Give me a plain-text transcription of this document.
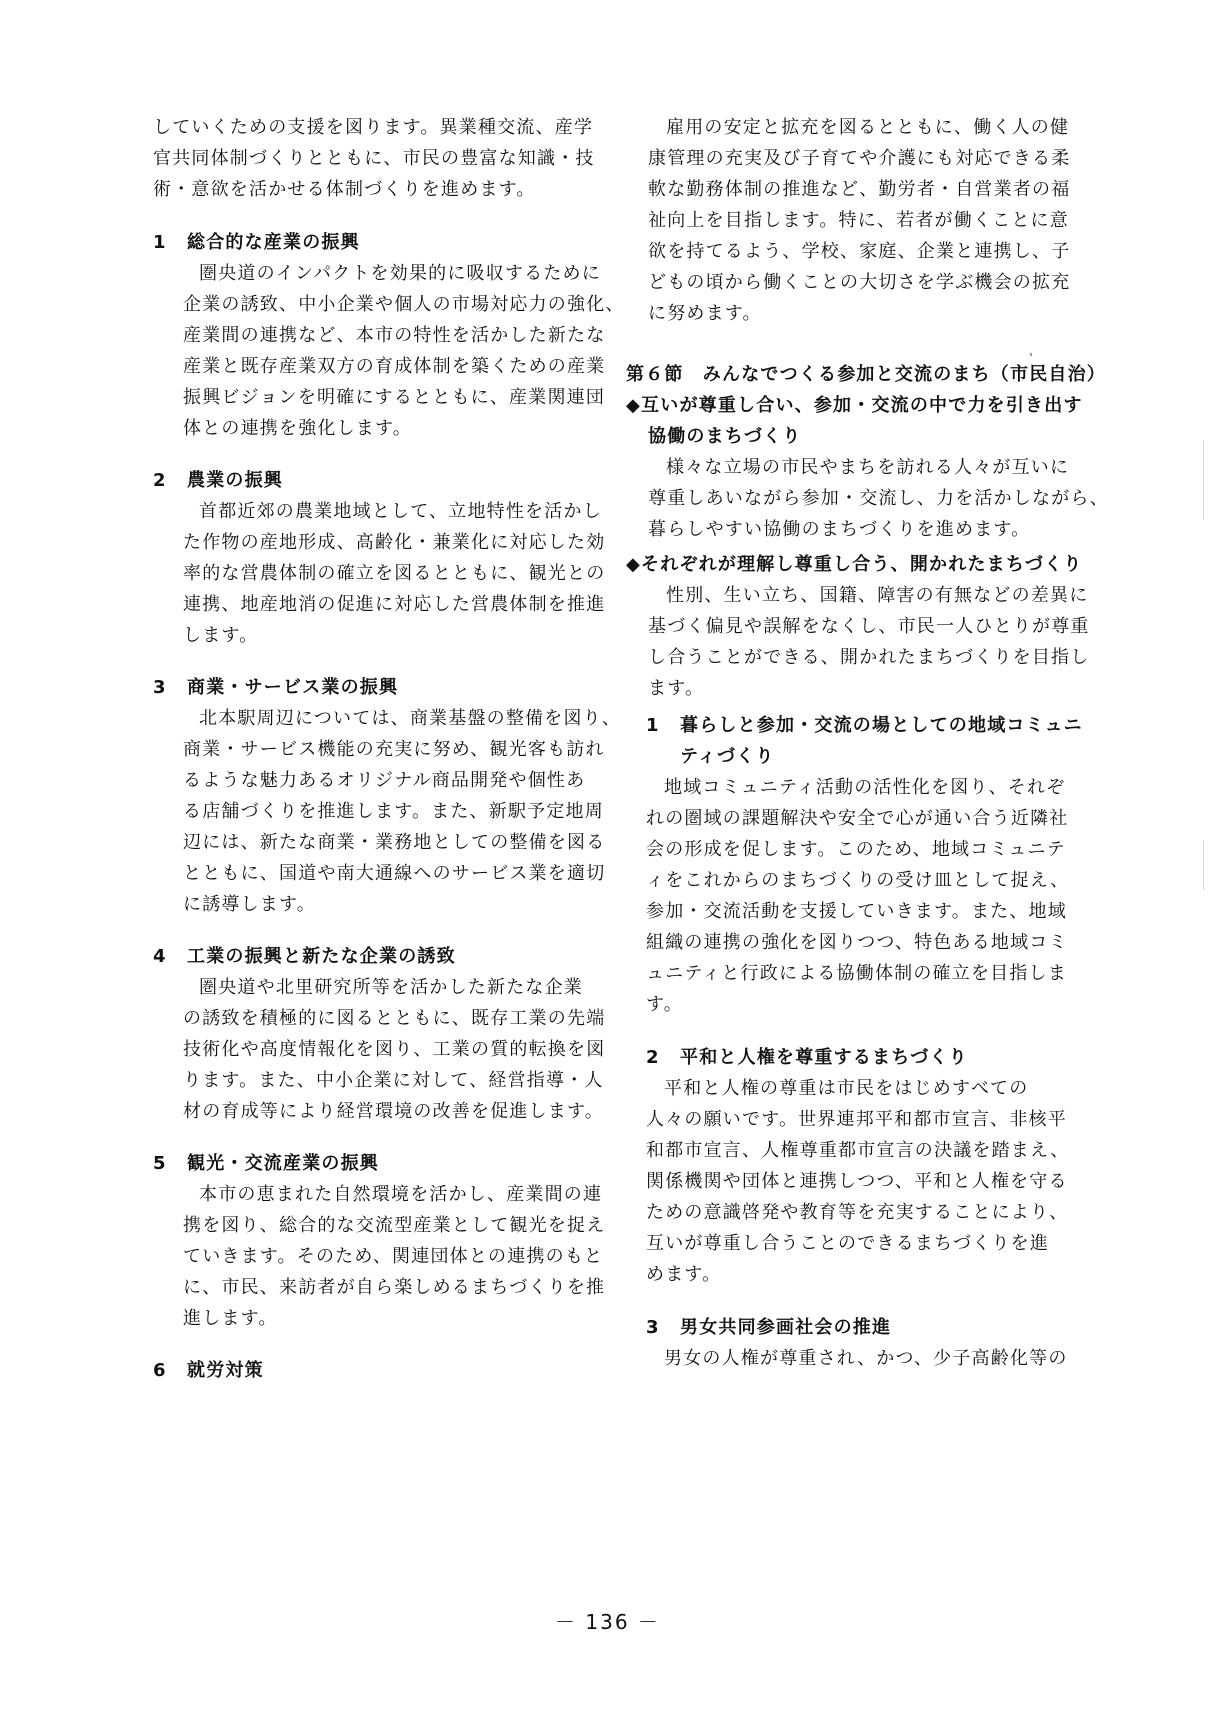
していくための支援を図ります。異業種交流、産学
官共同体制づくりとともに、市民の豊富な知識・技
術・意欲を活かせる体制づくりを進めます。
1 総合的な産業の振興
圏央道のインパクトを効果的に吸収するために
企業の誘致、中小企業や個人の市場対応力の強化、
産業間の連携など、本市の特性を活かした新たな
産業と既存産業双方の育成体制を築くための産業
振興ビジョンを明確にするとともに、産業関連団
体との連携を強化します。
2 農業の振興
首都近郊の農業地域として、立地特性を活かし
た作物の産地形成、高齢化・兼業化に対応した効
率的な営農体制の確立を図るとともに、観光との
連携、地産地消の促進に対応した営農体制を推進
します。
3 商業・サービス業の振興
北本駅周辺については、商業基盤の整備を図り、
商業・サービス機能の充実に努め、観光客も訪れ
るような魅力あるオリジナル商品開発や個性あ
る店舗づくりを推進します。また、新駅予定地周
辺には、新たな商業・業務地としての整備を図る
とともに、国道や南大通線へのサービス業を適切
に誘導します。
4 工業の振興と新たな企業の誘致
圏央道や北里研究所等を活かした新たな企業
の誘致を積極的に図るとともに、既存工業の先端
技術化や高度情報化を図り、工業の質的転換を図
ります。また、中小企業に対して、経営指導・人
材の育成等により経営環境の改善を促進します。
5 観光・交流産業の振興
本市の恵まれた自然環境を活かし、産業間の連
携を図り、総合的な交流型産業として観光を捉え
ていきます。そのため、関連団体との連携のもと
に、市民、来訪者が自ら楽しめるまちづくりを推
進します。
6 就労対策
雇用の安定と拡充を図るとともに、働く人の健
康管理の充実及び子育てや介護にも対応できる柔
軟な勤務体制の推進など、勤労者・自営業者の福
祉向上を目指します。特に、若者が働くことに意
欲を持てるよう、学校、家庭、企業と連携し、子
どもの頃から働くことの大切さを学ぶ機会の拡充
に努めます。
第６節　みんなでつくる参加と交流のまち（市民自治）
◆互いが尊重し合い、参加・交流の中で力を引き出す
協働のまちづくり
様々な立場の市民やまちを訪れる人々が互いに
尊重しあいながら参加・交流し、力を活かしながら、
暮らしやすい協働のまちづくりを進めます。
◆それぞれが理解し尊重し合う、開かれたまちづくり
性別、生い立ち、国籍、障害の有無などの差異に
基づく偏見や誤解をなくし、市民一人ひとりが尊重
し合うことができる、開かれたまちづくりを目指し
ます。
1 暮らしと参加・交流の場としての地域コミュニ
ティづくり
地域コミュニティ活動の活性化を図り、それぞ
れの圏域の課題解決や安全で心が通い合う近隣社
会の形成を促します。このため、地域コミュニテ
ィをこれからのまちづくりの受け皿として捉え、
参加・交流活動を支援していきます。また、地域
組織の連携の強化を図りつつ、特色ある地域コミ
ュニティと行政による協働体制の確立を目指しま
す。
2 平和と人権を尊重するまちづくり
平和と人権の尊重は市民をはじめすべての
人々の願いです。世界連邦平和都市宣言、非核平
和都市宣言、人権尊重都市宣言の決議を踏まえ、
関係機関や団体と連携しつつ、平和と人権を守る
ための意識啓発や教育等を充実することにより、
互いが尊重し合うことのできるまちづくりを進
めます。
3 男女共同参画社会の推進
男女の人権が尊重され、かつ、少子高齢化等の
－ 136 －
